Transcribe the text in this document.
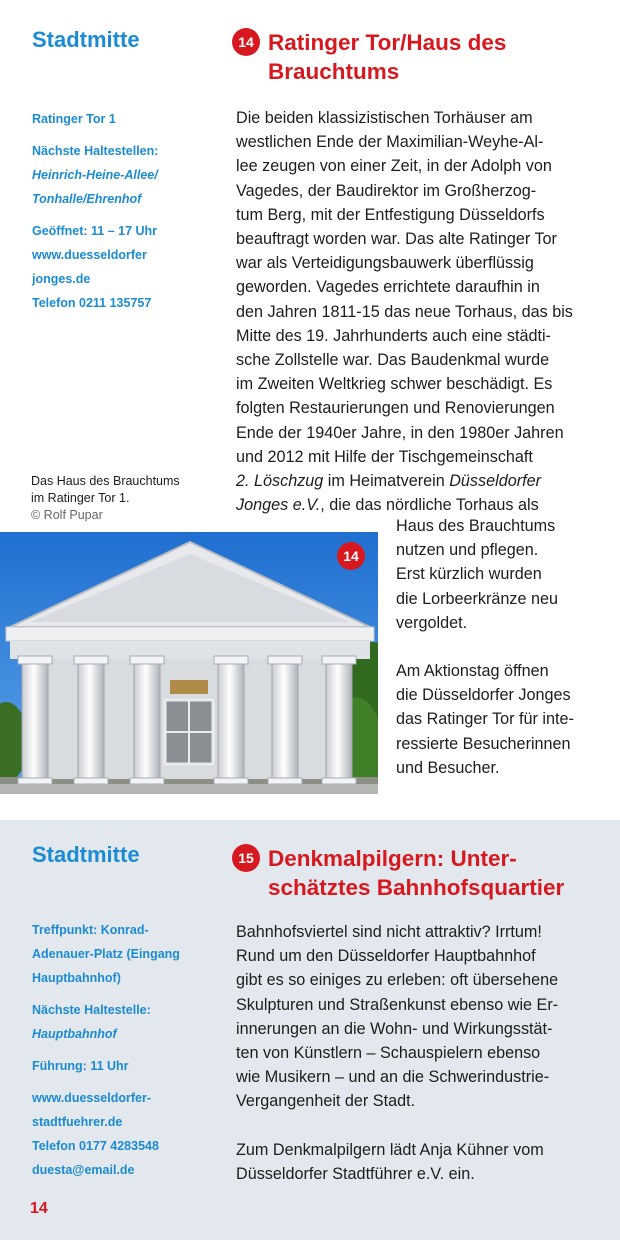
Stadtmitte
Ratinger Tor 1
Nächste Haltestellen:
Heinrich-Heine-Allee/
Tonhalle/Ehrenhof
Geöffnet: 11 – 17 Uhr
www.duesseldorfer
jonges.de
Telefon 0211 135757
14 Ratinger Tor/Haus des
Brauchtums
Die beiden klassizistischen Torhäuser am
westlichen Ende der Maximilian-Weyhe-Al-
lee zeugen von einer Zeit, in der Adolph von
Vagedes, der Baudirektor im Großherzog-
tum Berg, mit der Entfestigung Düsseldorfs
beauftragt worden war. Das alte Ratinger Tor
war als Verteidigungsbauwerk überflüssig
geworden. Vagedes errichtete daraufhin in
den Jahren 1811-15 das neue Torhaus, das bis
Mitte des 19. Jahrhunderts auch eine städti-
sche Zollstelle war. Das Baudenkmal wurde
im Zweiten Weltkrieg schwer beschädigt. Es
folgten Restaurierungen und Renovierungen
Ende der 1940er Jahre, in den 1980er Jahren
und 2012 mit Hilfe der Tischgemeinschaft
2. Löschzug im Heimatverein Düsseldorfer
Jonges e.V., die das nördliche Torhaus als
Haus des Brauchtums
nutzen und pflegen.
Erst kürzlich wurden
die Lorbeerkränze neu
vergoldet.
Am Aktionstag öffnen
die Düsseldorfer Jonges
das Ratinger Tor für inte-
ressierte Besucherinnen
und Besucher.
Das Haus des Brauchtums
im Ratinger Tor 1.
© Rolf Pupar
14
Stadtmitte
Treffpunkt: Konrad-
Adenauer-Platz (Eingang
Hauptbahnhof)
Nächste Haltestelle:
Hauptbahnhof
Führung: 11 Uhr
www.duesseldorfer-
stadtfuehrer.de
Telefon 0177 4283548
duesta@email.de
15 Denkmalpilgern: Unter-
schätztes Bahnhofsquartier
Bahnhofsviertel sind nicht attraktiv? Irrtum!
Rund um den Düsseldorfer Hauptbahnhof
gibt es so einiges zu erleben: oft übersehene
Skulpturen und Straßenkunst ebenso wie Er-
innerungen an die Wohn- und Wirkungsstät-
ten von Künstlern – Schauspielern ebenso
wie Musikern – und an die Schwerindustrie-
Vergangenheit der Stadt.
Zum Denkmalpilgern lädt Anja Kühner vom
Düsseldorfer Stadtführer e.V. ein.
14
